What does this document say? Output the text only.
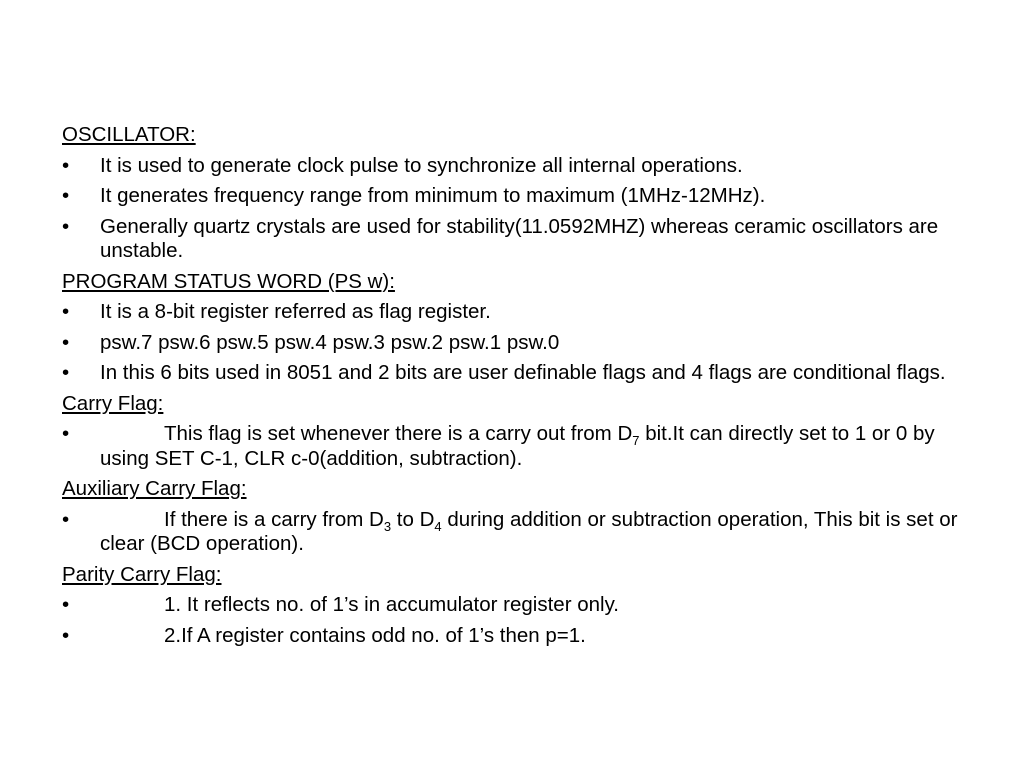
OSCILLATOR:
•	It is used to generate clock pulse to synchronize all internal operations.
•	It generates frequency range from minimum to maximum (1MHz-12MHz).
•	Generally quartz crystals are used for stability(11.0592MHZ) whereas ceramic oscillators are unstable.
PROGRAM STATUS WORD (PS w):
•	It is a 8-bit register referred as flag register.
•	psw.7 psw.6 psw.5 psw.4 psw.3 psw.2 psw.1 psw.0
•	In this 6 bits used in 8051 and 2 bits are user definable flags and 4 flags are conditional flags.
Carry Flag:
•	This flag is set whenever there is a carry out from $D_7$ bit.It can directly set to 1 or 0 by using SET C-1, CLR c-0(addition, subtraction).
Auxiliary Carry Flag:
•	If there is a carry from $D_3$ to $D_4$ during addition or subtraction operation, This bit is set or clear (BCD operation).
Parity Carry Flag:
•	1. It reflects no. of 1’s in accumulator register only.
•	2.If A register contains odd no. of 1’s then p=1.
